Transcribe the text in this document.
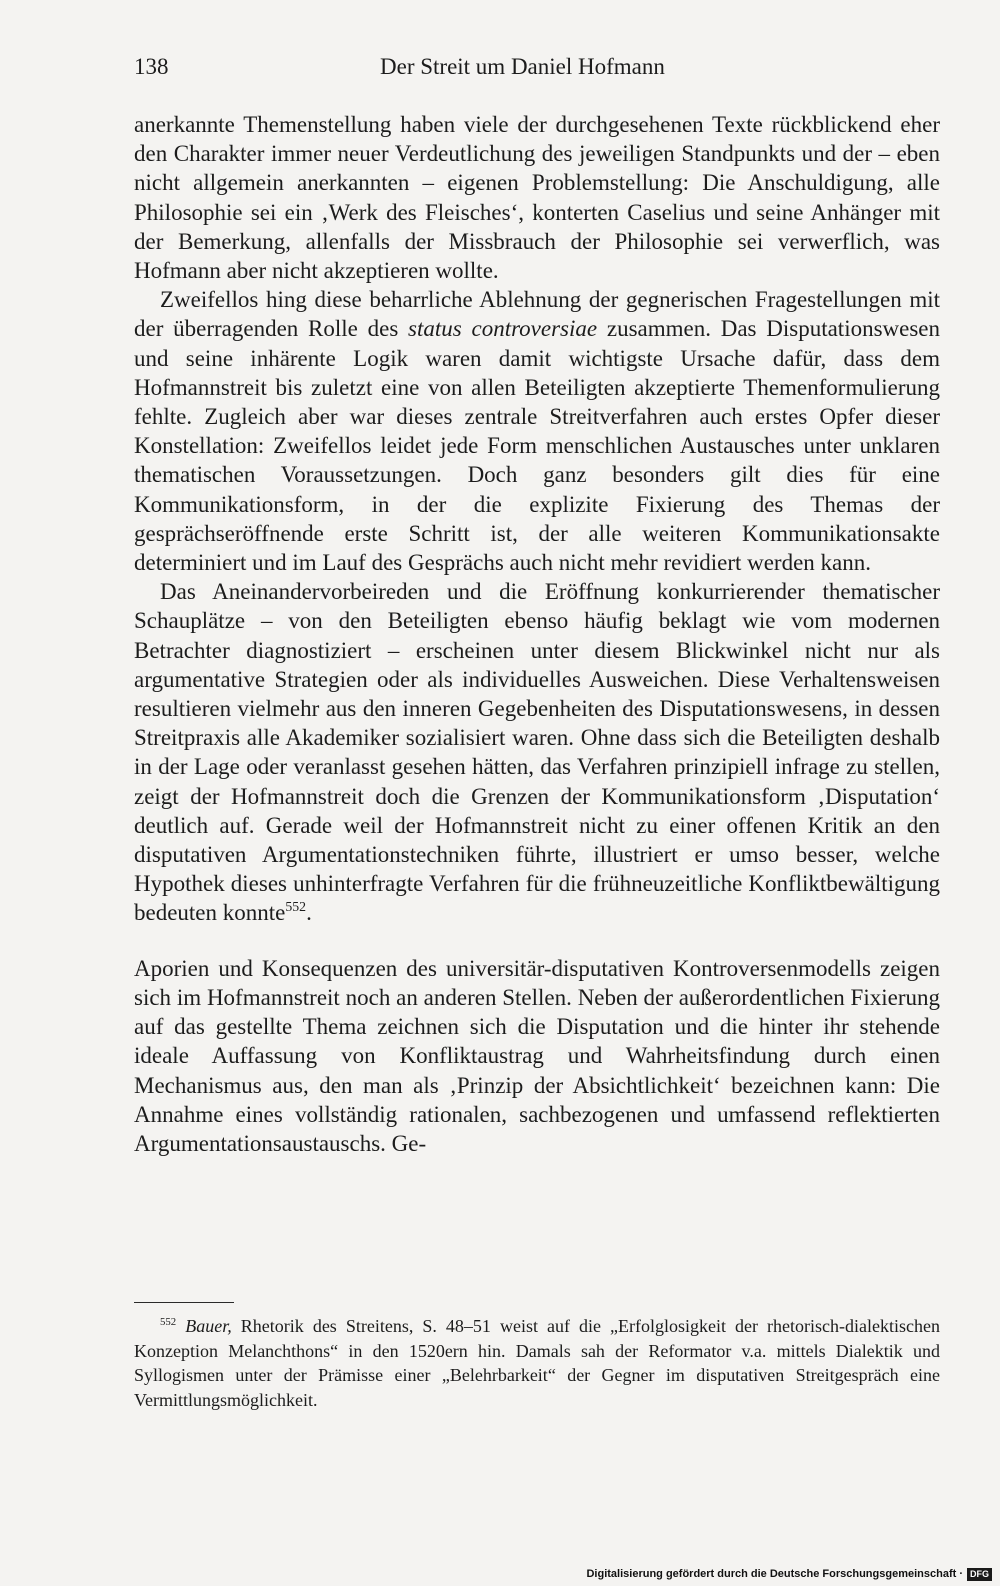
138	Der Streit um Daniel Hofmann

anerkannte Themenstellung haben viele der durchgesehenen Texte rückblickend eher den Charakter immer neuer Verdeutlichung des jeweiligen Standpunkts und der – eben nicht allgemein anerkannten – eigenen Problemstellung: Die Anschuldigung, alle Philosophie sei ein ‚Werk des Fleisches‘, konterten Caselius und seine Anhänger mit der Bemerkung, allenfalls der Missbrauch der Philosophie sei verwerflich, was Hofmann aber nicht akzeptieren wollte.

Zweifellos hing diese beharrliche Ablehnung der gegnerischen Fragestellungen mit der überragenden Rolle des status controversiae zusammen. Das Disputationswesen und seine inhärente Logik waren damit wichtigste Ursache dafür, dass dem Hofmannstreit bis zuletzt eine von allen Beteiligten akzeptierte Themenformulierung fehlte. Zugleich aber war dieses zentrale Streitverfahren auch erstes Opfer dieser Konstellation: Zweifellos leidet jede Form menschlichen Austausches unter unklaren thematischen Voraussetzungen. Doch ganz besonders gilt dies für eine Kommunikationsform, in der die explizite Fixierung des Themas der gesprächseröffnende erste Schritt ist, der alle weiteren Kommunikationsakte determiniert und im Lauf des Gesprächs auch nicht mehr revidiert werden kann.

Das Aneinandervorbeireden und die Eröffnung konkurrierender thematischer Schauplätze – von den Beteiligten ebenso häufig beklagt wie vom modernen Betrachter diagnostiziert – erscheinen unter diesem Blickwinkel nicht nur als argumentative Strategien oder als individuelles Ausweichen. Diese Verhaltensweisen resultieren vielmehr aus den inneren Gegebenheiten des Disputationswesens, in dessen Streitpraxis alle Akademiker sozialisiert waren. Ohne dass sich die Beteiligten deshalb in der Lage oder veranlasst gesehen hätten, das Verfahren prinzipiell infrage zu stellen, zeigt der Hofmannstreit doch die Grenzen der Kommunikationsform ‚Disputation‘ deutlich auf. Gerade weil der Hofmannstreit nicht zu einer offenen Kritik an den disputativen Argumentationstechniken führte, illustriert er umso besser, welche Hypothek dieses unhinterfragte Verfahren für die frühneuzeitliche Konfliktbewältigung bedeuten konnte$^{552}$.

Aporien und Konsequenzen des universitär-disputativen Kontroversenmodells zeigen sich im Hofmannstreit noch an anderen Stellen. Neben der außerordentlichen Fixierung auf das gestellte Thema zeichnen sich die Disputation und die hinter ihr stehende ideale Auffassung von Konfliktaustrag und Wahrheitsfindung durch einen Mechanismus aus, den man als ‚Prinzip der Absichtlichkeit‘ bezeichnen kann: Die Annahme eines vollständig rationalen, sachbezogenen und umfassend reflektierten Argumentationsaustauschs. Ge-

$^{552}$ Bauer, Rhetorik des Streitens, S. 48–51 weist auf die „Erfolglosigkeit der rhetorisch-dialektischen Konzeption Melanchthons“ in den 1520ern hin. Damals sah der Reformator v.a. mittels Dialektik und Syllogismen unter der Prämisse einer „Belehrbarkeit“ der Gegner im disputativen Streitgespräch eine Vermittlungsmöglichkeit.

Digitalisierung gefördert durch die Deutsche Forschungsgemeinschaft · DFG
